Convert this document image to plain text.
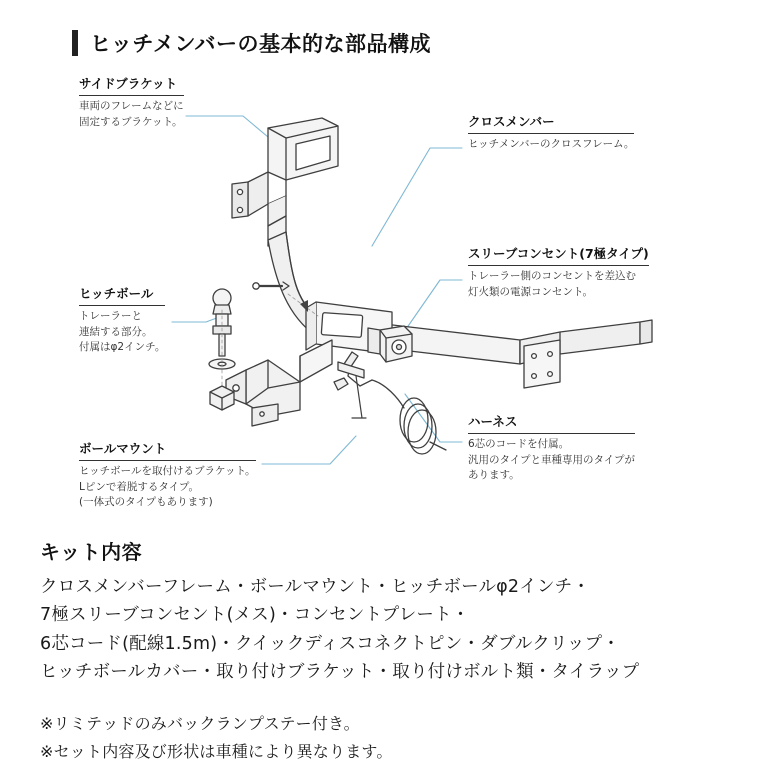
ヒッチメンバーの基本的な部品構成
サイドブラケット
車両のフレームなどに
固定するブラケット。	クロスメンバー
ヒッチメンバーのクロスフレーム。
スリーブコンセント(7極タイプ)
トレーラー側のコンセントを差込む
灯火類の電源コンセント。
ヒッチボール
トレーラーと
連結する部分。
付属はφ2インチ。
ハーネス
6芯のコードを付属。
汎用のタイプと車種専用のタイプが
あります。
ボールマウント
ヒッチボールを取付けるブラケット。
Lピンで着脱するタイプ。
(一体式のタイプもあります)
キット内容
クロスメンバーフレーム・ボールマウント・ヒッチボールφ2インチ・
7極スリーブコンセント(メス)・コンセントプレート・
6芯コード(配線1.5m)・クイックディスコネクトピン・ダブルクリップ・
ヒッチボールカバー・取り付けブラケット・取り付けボルト類・タイラップ
※リミテッドのみバックランプステー付き。
※セット内容及び形状は車種により異なります。
